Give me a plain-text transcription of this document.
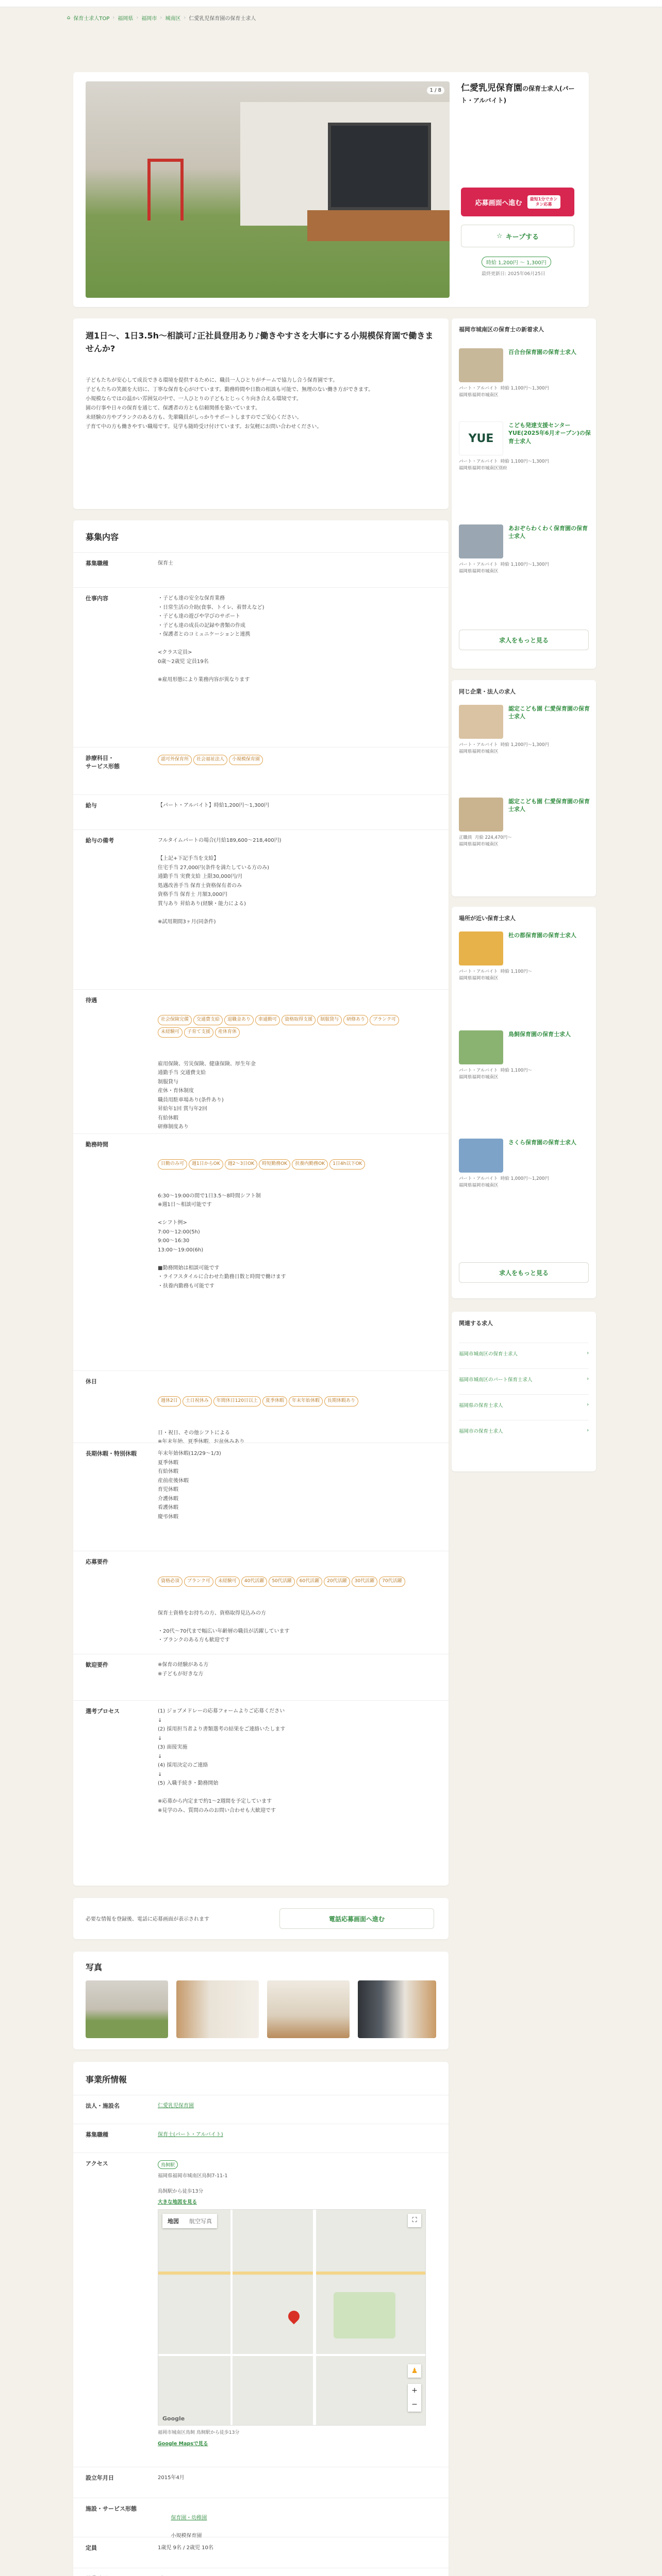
⌂ 保育士求人TOP › 福岡県 › 福岡市 › 城南区 › 仁愛乳児保育園の保育士求人
1 / 8	仁愛乳児保育園の保育士求人(パート・アルバイト)
応募画面へ進む	最短1分でカンタン応募
☆ キープする
時給 1,200円 〜 1,300円
最終更新日: 2025年06月25日
週1日〜、1日3.5h〜相談可♪正社員登用あり♪働きやすさを大事にする小規模保育園で働きませんか?
子どもたちが安心して成長できる環境を提供するために、職員一人ひとりがチームで協力し合う保育園です。
子どもたちの笑顔を大切に、丁寧な保育を心がけています。勤務時間や日数の相談も可能で、無理のない働き方ができます。
小規模ならではの温かい雰囲気の中で、一人ひとりの子どもとじっくり向き合える環境です。
園の行事や日々の保育を通じて、保護者の方とも信頼関係を築いています。
未経験の方やブランクのある方も、先輩職員がしっかりサポートしますのでご安心ください。
子育て中の方も働きやすい職場です。見学も随時受け付けています。お気軽にお問い合わせください。
募集内容
募集職種	保育士
仕事内容	・子ども達の安全な保育業務
・日常生活の介助(食事、トイレ、着替えなど)
・子ども達の遊びや学びのサポート
・子ども達の成長の記録や書類の作成
・保護者とのコミュニケーションと連携

<クラス定員>
0歳〜2歳児 定員19名

※雇用形態により業務内容が異なります
診療科目・
サービス形態
認可外保育所 社会福祉法人 小規模保育園
給与	【パート・アルバイト】時給1,200円〜1,300円
給与の備考	フルタイムパートの場合(月給189,600〜218,400円)

【上記+下記手当を支給】
住宅手当 27,000円(条件を満たしている方のみ)
通勤手当 実費支給 上限30,000円/月
処遇改善手当 保育士資格保有者のみ
資格手当 保育士 月額3,000円
賞与あり 昇給あり(経験・能力による)

※試用期間3ヶ月(同条件)
待遇

社会保険完備 交通費支給 退職金あり 車通勤可 資格取得支援 制服貸与 研修あり ブランク可未経験可 子育て支援 産休育休

雇用保険、労災保険、健康保険、厚生年金
通勤手当 交通費支給
制服貸与
産休・育休制度
職員用駐車場あり(条件あり)
昇給年1回 賞与年2回
有給休暇
研修制度あり

勤務時間

日勤のみ可 週1日からOK 週2〜3日OK 時短勤務OK 扶養内勤務OK 1日4h以下OK

6:30〜19:00の間で1日3.5〜8時間シフト制
※週1日〜相談可能です

<シフト例>
7:00〜12:00(5h)
9:00〜16:30
13:00〜19:00(6h)

■勤務開始は相談可能です
・ライフスタイルに合わせた勤務日数と時間で働けます
・扶養内勤務も可能です

休日

週休2日 土日祝休み 年間休日120日以上 夏季休暇 年末年始休暇 長期休暇あり

日・祝日、その他シフトによる
※年末年始、夏季休暇、お盆休みあり

長期休暇・特別休暇	年末年始休暇(12/29〜1/3)
夏季休暇
有給休暇
産前産後休暇
育児休暇
介護休暇
看護休暇
慶弔休暇
応募要件

資格必須 ブランク可 未経験可 40代活躍 50代活躍 60代活躍 20代活躍 30代活躍 70代活躍

保育士資格をお持ちの方、資格取得見込みの方

・20代〜70代まで幅広い年齢層の職員が活躍しています
・ブランクのある方も歓迎です

歓迎要件	※保育の経験がある方
※子どもが好きな方
選考プロセス	(1) ジョブメドレーの応募フォームよりご応募ください
↓
(2) 採用担当者より書類選考の結果をご連絡いたします
↓
(3) 面接実施
↓
(4) 採用決定のご連絡
↓
(5) 入職手続き・勤務開始

※応募から内定まで約1〜2週間を予定しています
※見学のみ、質問のみのお問い合わせも大歓迎です
必要な情報を登録後、電話に応募画面が表示されます	電話応募画面へ進む
写真
事業所情報
法人・施設名	仁愛乳児保育園
募集職種	保育士(パート・アルバイト)
アクセス	鳥飼駅
福岡県福岡市城南区鳥飼7-11-1

鳥飼駅から徒歩13分
大きな地図を見る
地図	航空写真	⛶
♟
+
−
Google
福岡市城南区鳥飼 鳥飼駅から徒歩13分
Google Mapsで見る
設立年月日	2015年4月
施設・サービス形態

保育園・幼稚園

小規模保育園

定員	1歳児 9名 / 2歳児 10名
福岡市城南区の保育士の新着求人
百合台保育園の保育士求人
パート・アルバイト  時給 1,100円〜1,300円
福岡県福岡市城南区
YUE
こども発達支援センターYUE(2025年6月オープン)の保育士求人
パート・アルバイト  時給 1,100円〜1,300円
福岡県福岡市城南区別府
あおぞらわくわく保育園の保育士求人
パート・アルバイト  時給 1,100円〜1,300円
福岡県福岡市城南区
求人をもっと見る
同じ企業・法人の求人
認定こども園 仁愛保育園の保育士求人
パート・アルバイト  時給 1,200円〜1,300円
福岡県福岡市城南区
認定こども園 仁愛保育園の保育士求人
正職員  月給 224,470円〜
福岡県福岡市城南区
場所が近い保育士求人
杜の都保育園の保育士求人
パート・アルバイト  時給 1,100円〜
福岡県福岡市城南区
鳥飼保育園の保育士求人
パート・アルバイト  時給 1,100円〜
福岡県福岡市城南区
さくら保育園の保育士求人
パート・アルバイト  時給 1,000円〜1,200円
福岡県福岡市城南区
求人をもっと見る
関連する求人
福岡市城南区の保育士求人	›
福岡市城南区のパート保育士求人	›
福岡県の保育士求人	›
福岡市の保育士求人	›
